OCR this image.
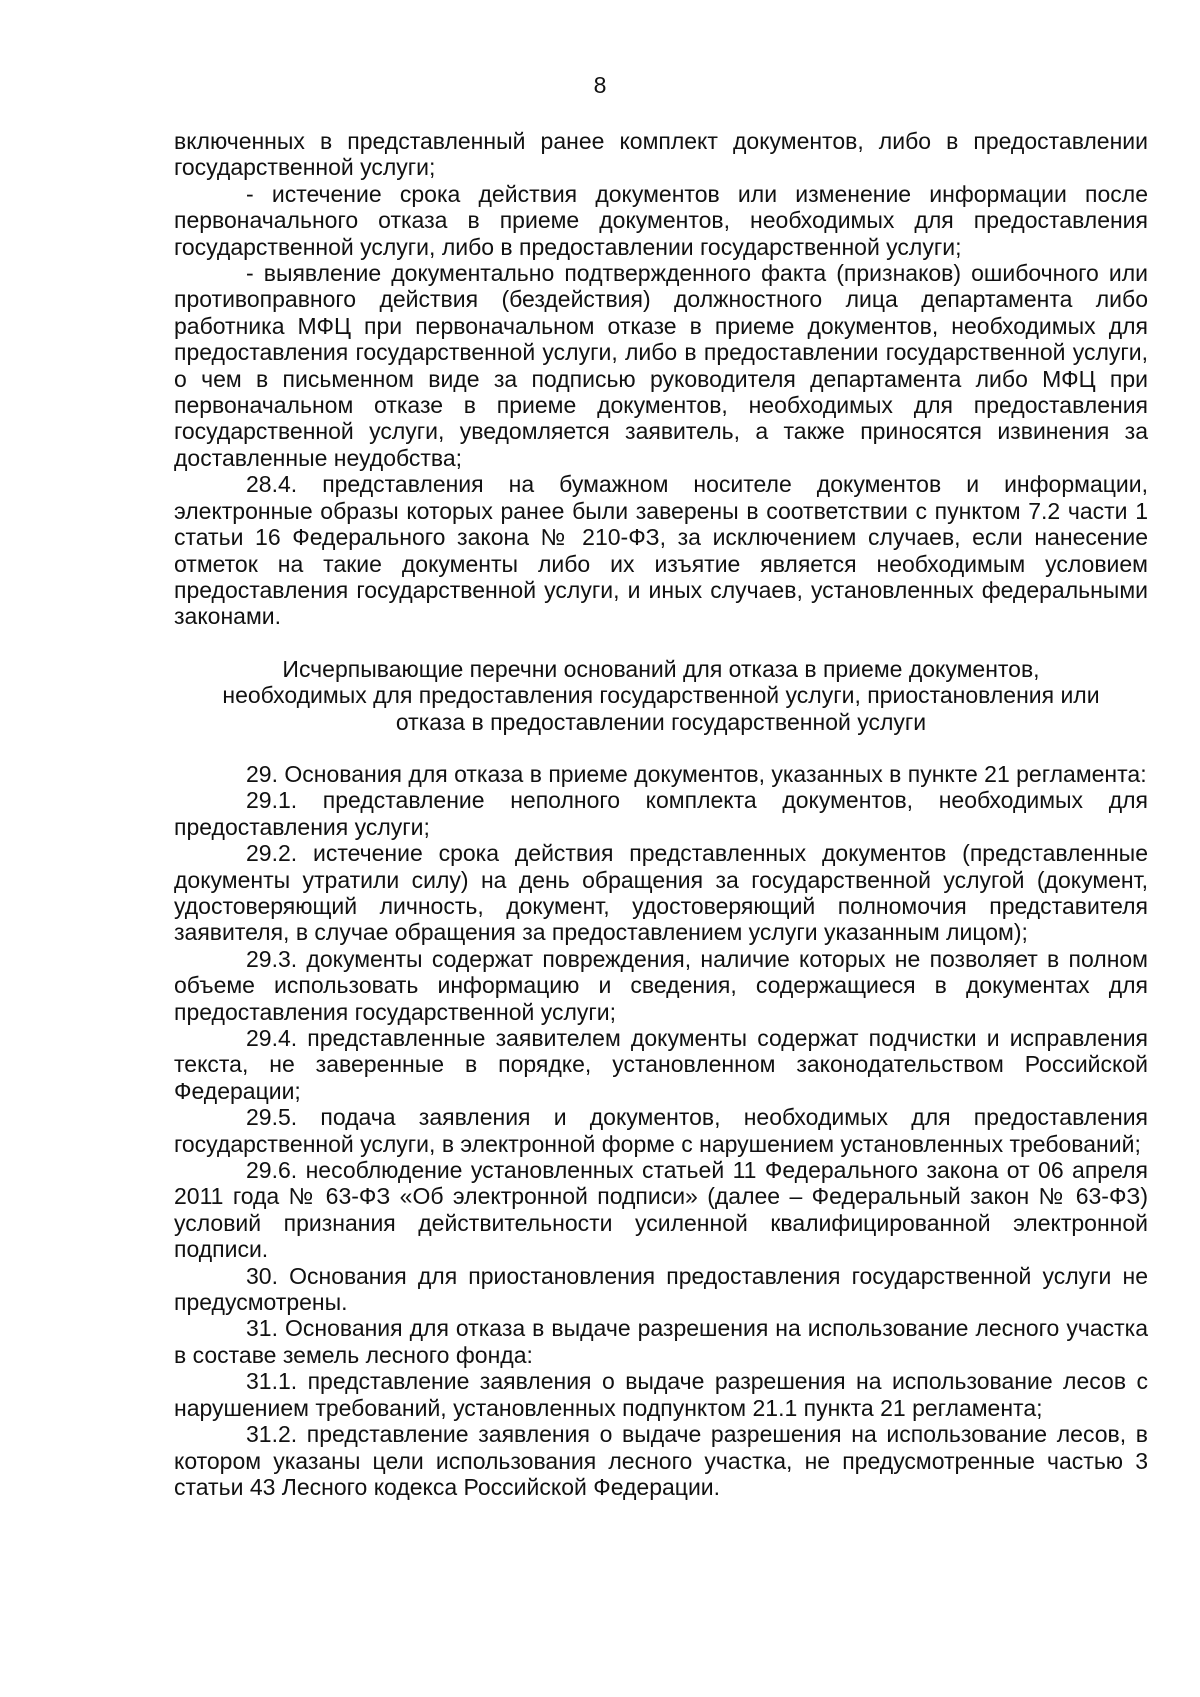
8

включенных в представленный ранее комплект документов, либо в предоставлении государственной услуги;

- истечение срока действия документов или изменение информации после первоначального отказа в приеме документов, необходимых для предоставления государственной услуги, либо в предоставлении государственной услуги;

- выявление документально подтвержденного факта (признаков) ошибочного или противоправного действия (бездействия) должностного лица департамента либо работника МФЦ при первоначальном отказе в приеме документов, необходимых для предоставления государственной услуги, либо в предоставлении государственной услуги, о чем в письменном виде за подписью руководителя департамента либо МФЦ при первоначальном отказе в приеме документов, необходимых для предоставления государственной услуги, уведомляется заявитель, а также приносятся извинения за доставленные неудобства;

28.4. представления на бумажном носителе документов и информации, электронные образы которых ранее были заверены в соответствии с пунктом 7.2 части 1 статьи 16 Федерального закона № 210-ФЗ, за исключением случаев, если нанесение отметок на такие документы либо их изъятие является необходимым условием предоставления государственной услуги, и иных случаев, установленных федеральными законами.

Исчерпывающие перечни оснований для отказа в приеме документов,
необходимых для предоставления государственной услуги, приостановления или
отказа в предоставлении государственной услуги

29. Основания для отказа в приеме документов, указанных в пункте 21 регламента:

29.1. представление неполного комплекта документов, необходимых для предоставления услуги;

29.2. истечение срока действия представленных документов (представленные документы утратили силу) на день обращения за государственной услугой (документ, удостоверяющий личность, документ, удостоверяющий полномочия представителя заявителя, в случае обращения за предоставлением услуги указанным лицом);

29.3. документы содержат повреждения, наличие которых не позволяет в полном объеме использовать информацию и сведения, содержащиеся в документах для предоставления государственной услуги;

29.4. представленные заявителем документы содержат подчистки и исправления текста, не заверенные в порядке, установленном законодательством Российской Федерации;

29.5. подача заявления и документов, необходимых для предоставления государственной услуги, в электронной форме с нарушением установленных требований;

29.6. несоблюдение установленных статьей 11 Федерального закона от 06 апреля 2011 года № 63-ФЗ «Об электронной подписи» (далее – Федеральный закон № 63-ФЗ) условий признания действительности усиленной квалифицированной электронной подписи.

30. Основания для приостановления предоставления государственной услуги не предусмотрены.

31. Основания для отказа в выдаче разрешения на использование лесного участка в составе земель лесного фонда:

31.1. представление заявления о выдаче разрешения на использование лесов с нарушением требований, установленных подпунктом 21.1 пункта 21 регламента;

31.2. представление заявления о выдаче разрешения на использование лесов, в котором указаны цели использования лесного участка, не предусмотренные частью 3 статьи 43 Лесного кодекса Российской Федерации.
